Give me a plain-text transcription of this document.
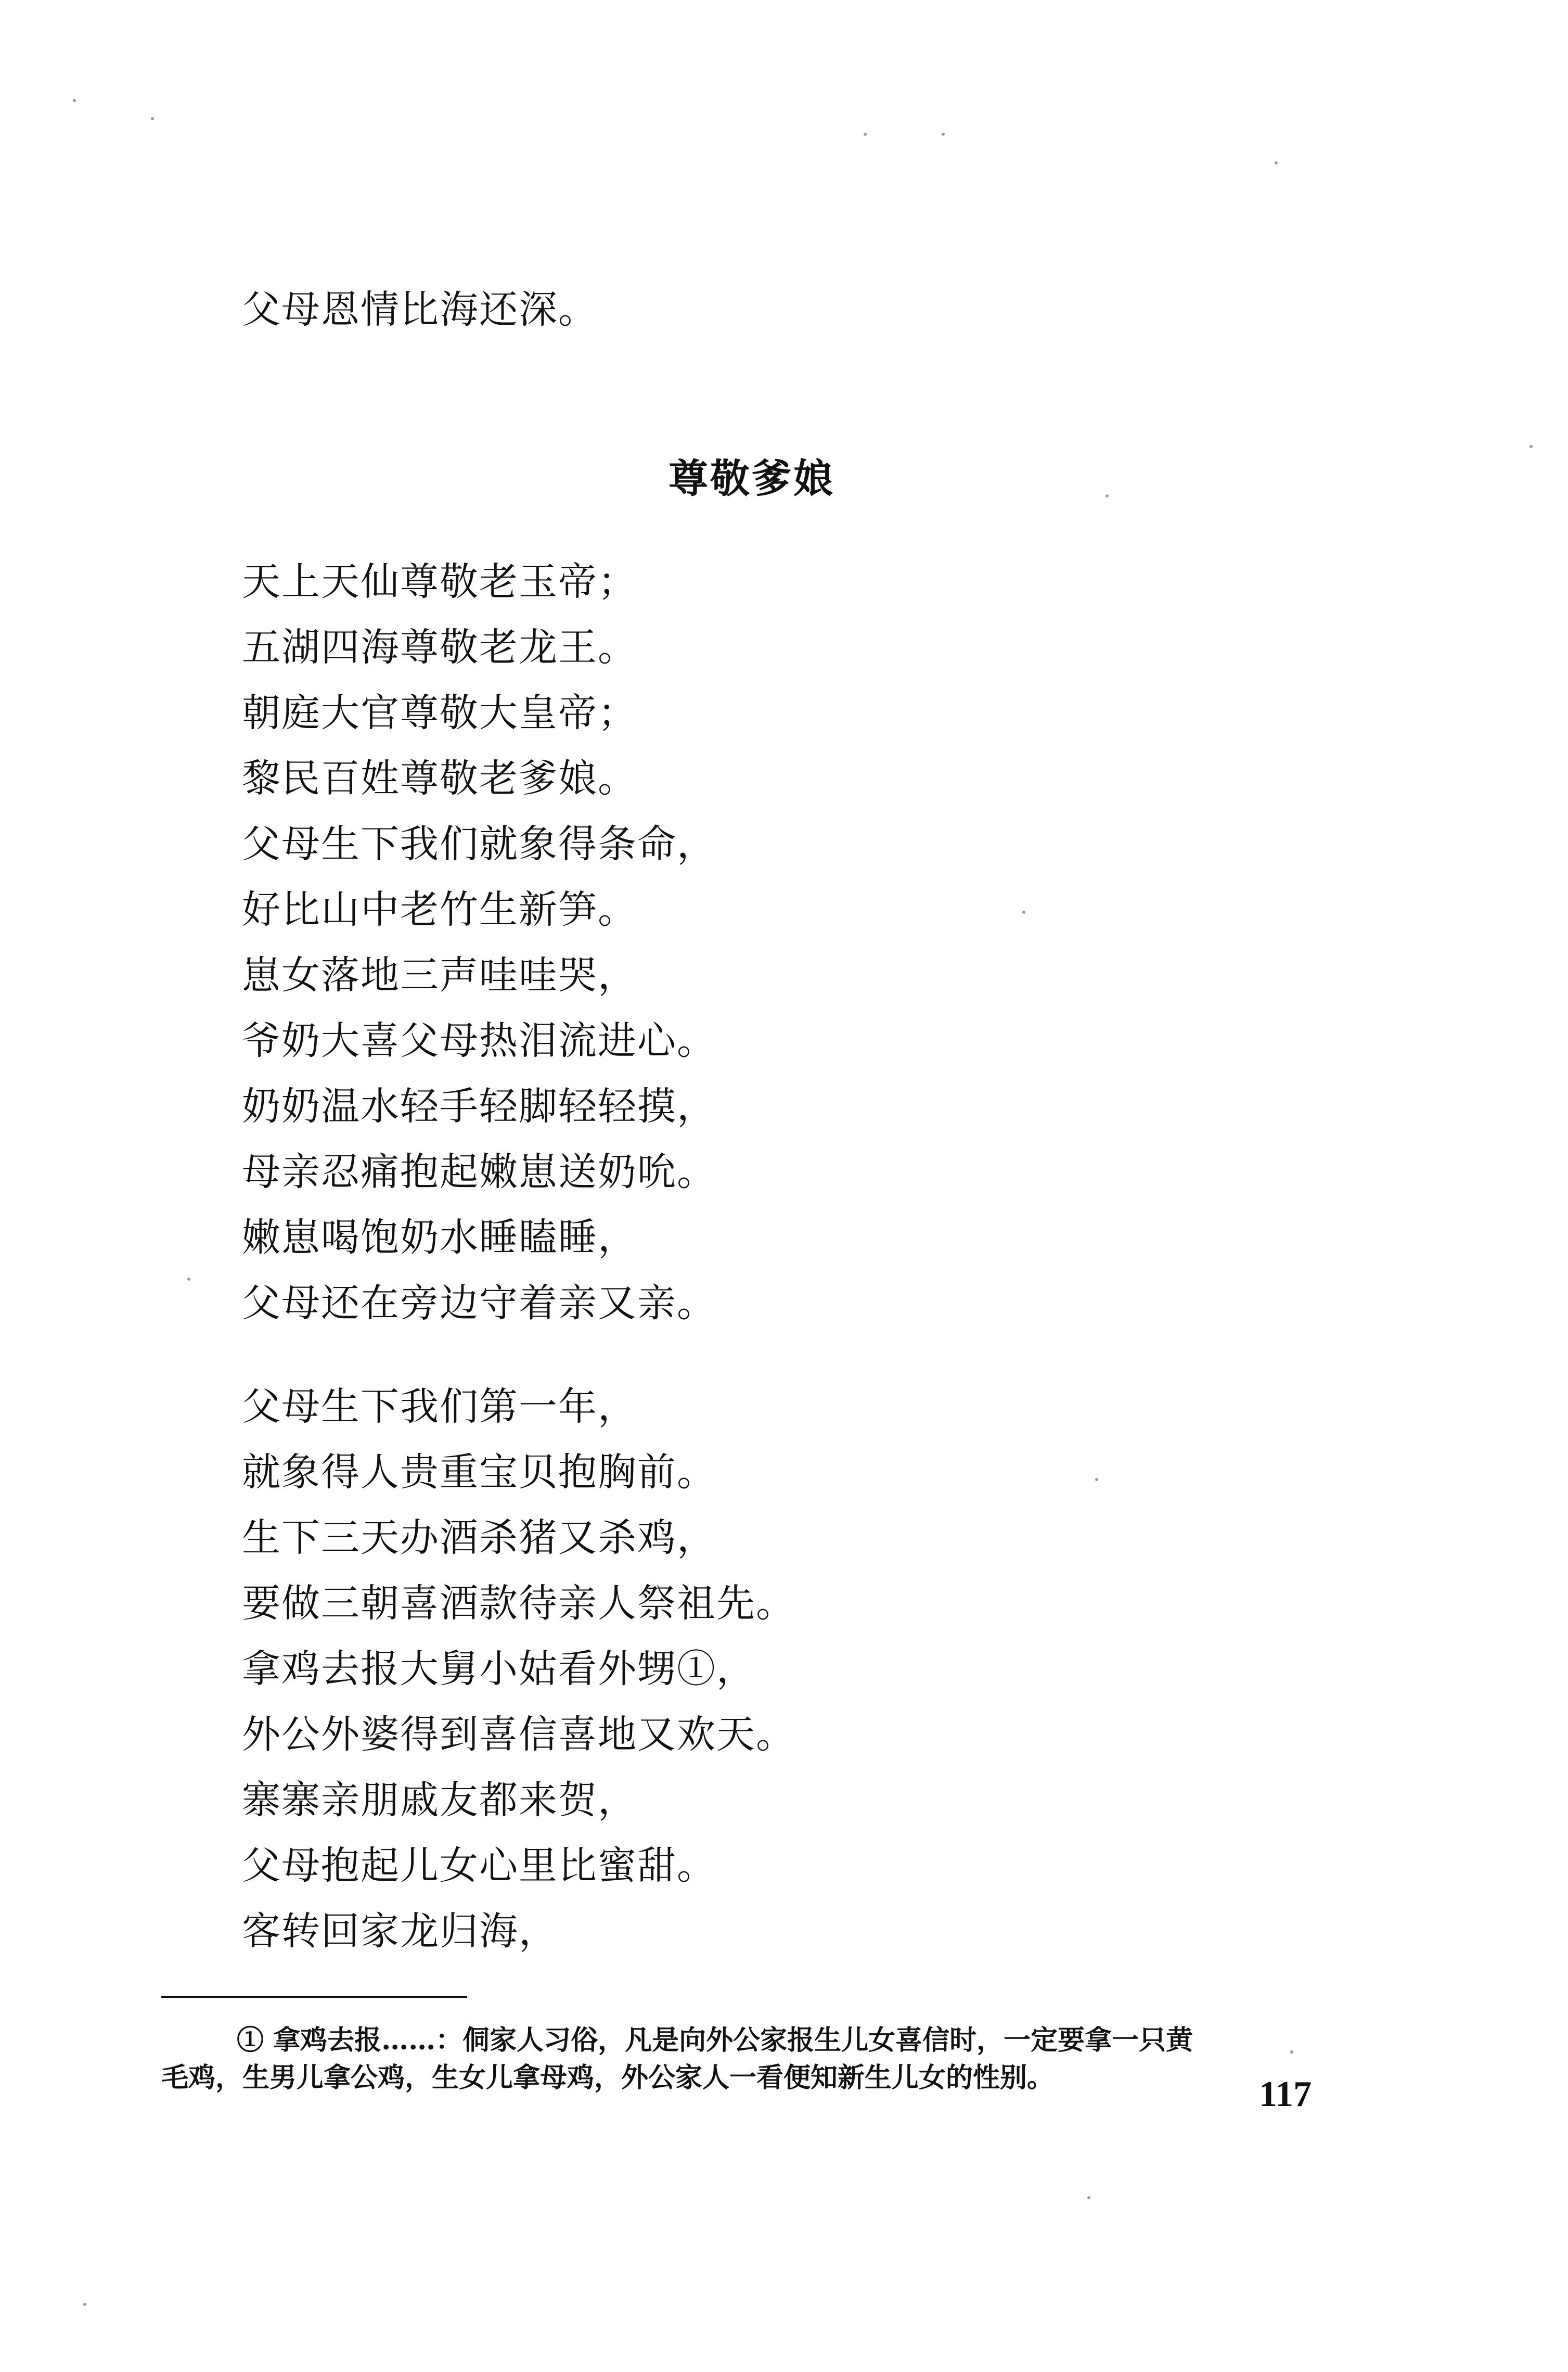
父母恩情比海还深。
尊敬爹娘
天上天仙尊敬老玉帝；
五湖四海尊敬老龙王。
朝庭大官尊敬大皇帝；
黎民百姓尊敬老爹娘。
父母生下我们就象得条命，
好比山中老竹生新笋。
崽女落地三声哇哇哭，
爷奶大喜父母热泪流进心。
奶奶温水轻手轻脚轻轻摸，
母亲忍痛抱起嫩崽送奶吮。
嫩崽喝饱奶水睡瞌睡，
父母还在旁边守着亲又亲。
父母生下我们第一年，
就象得人贵重宝贝抱胸前。
生下三天办酒杀猪又杀鸡，
要做三朝喜酒款待亲人祭祖先。
拿鸡去报大舅小姑看外甥①，
外公外婆得到喜信喜地又欢天。
寨寨亲朋戚友都来贺，
父母抱起儿女心里比蜜甜。
客转回家龙归海，
① 拿鸡去报……：侗家人习俗，凡是向外公家报生儿女喜信时，一定要拿一只黄
毛鸡，生男儿拿公鸡，生女儿拿母鸡，外公家人一看便知新生儿女的性别。	117
